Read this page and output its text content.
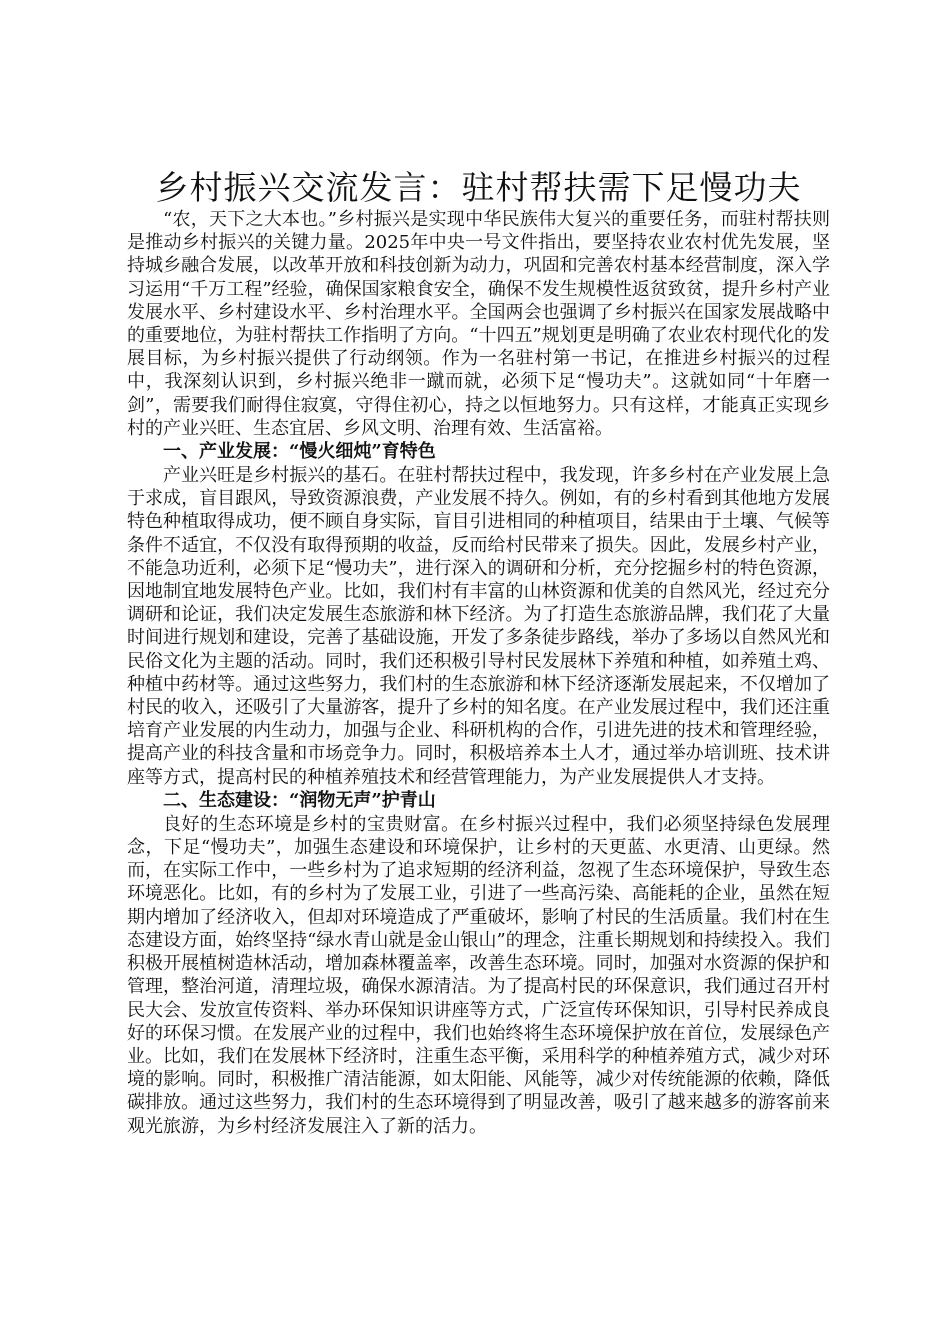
乡村振兴交流发言：驻村帮扶需下足慢功夫

“农，天下之大本也。”乡村振兴是实现中华民族伟大复兴的重要任务，而驻村帮扶则是推动乡村振兴的关键力量。2025年中央一号文件指出，要坚持农业农村优先发展，坚持城乡融合发展，以改革开放和科技创新为动力，巩固和完善农村基本经营制度，深入学习运用“千万工程”经验，确保国家粮食安全，确保不发生规模性返贫致贫，提升乡村产业发展水平、乡村建设水平、乡村治理水平。全国两会也强调了乡村振兴在国家发展战略中的重要地位，为驻村帮扶工作指明了方向。“十四五”规划更是明确了农业农村现代化的发展目标，为乡村振兴提供了行动纲领。作为一名驻村第一书记，在推进乡村振兴的过程中，我深刻认识到，乡村振兴绝非一蹴而就，必须下足“慢功夫”。这就如同“十年磨一剑”，需要我们耐得住寂寞，守得住初心，持之以恒地努力。只有这样，才能真正实现乡村的产业兴旺、生态宜居、乡风文明、治理有效、生活富裕。

一、产业发展：“慢火细炖”育特色

产业兴旺是乡村振兴的基石。在驻村帮扶过程中，我发现，许多乡村在产业发展上急于求成，盲目跟风，导致资源浪费，产业发展不持久。例如，有的乡村看到其他地方发展特色种植取得成功，便不顾自身实际，盲目引进相同的种植项目，结果由于土壤、气候等条件不适宜，不仅没有取得预期的收益，反而给村民带来了损失。因此，发展乡村产业，不能急功近利，必须下足“慢功夫”，进行深入的调研和分析，充分挖掘乡村的特色资源，因地制宜地发展特色产业。比如，我们村有丰富的山林资源和优美的自然风光，经过充分调研和论证，我们决定发展生态旅游和林下经济。为了打造生态旅游品牌，我们花了大量时间进行规划和建设，完善了基础设施，开发了多条徒步路线，举办了多场以自然风光和民俗文化为主题的活动。同时，我们还积极引导村民发展林下养殖和种植，如养殖土鸡、种植中药材等。通过这些努力，我们村的生态旅游和林下经济逐渐发展起来，不仅增加了村民的收入，还吸引了大量游客，提升了乡村的知名度。在产业发展过程中，我们还注重培育产业发展的内生动力，加强与企业、科研机构的合作，引进先进的技术和管理经验，提高产业的科技含量和市场竞争力。同时，积极培养本土人才，通过举办培训班、技术讲座等方式，提高村民的种植养殖技术和经营管理能力，为产业发展提供人才支持。

二、生态建设：“润物无声”护青山

良好的生态环境是乡村的宝贵财富。在乡村振兴过程中，我们必须坚持绿色发展理念，下足“慢功夫”，加强生态建设和环境保护，让乡村的天更蓝、水更清、山更绿。然而，在实际工作中，一些乡村为了追求短期的经济利益，忽视了生态环境保护，导致生态环境恶化。比如，有的乡村为了发展工业，引进了一些高污染、高能耗的企业，虽然在短期内增加了经济收入，但却对环境造成了严重破坏，影响了村民的生活质量。我们村在生态建设方面，始终坚持“绿水青山就是金山银山”的理念，注重长期规划和持续投入。我们积极开展植树造林活动，增加森林覆盖率，改善生态环境。同时，加强对水资源的保护和管理，整治河道，清理垃圾，确保水源清洁。为了提高村民的环保意识，我们通过召开村民大会、发放宣传资料、举办环保知识讲座等方式，广泛宣传环保知识，引导村民养成良好的环保习惯。在发展产业的过程中，我们也始终将生态环境保护放在首位，发展绿色产业。比如，我们在发展林下经济时，注重生态平衡，采用科学的种植养殖方式，减少对环境的影响。同时，积极推广清洁能源，如太阳能、风能等，减少对传统能源的依赖，降低碳排放。通过这些努力，我们村的生态环境得到了明显改善，吸引了越来越多的游客前来观光旅游，为乡村经济发展注入了新的活力。
